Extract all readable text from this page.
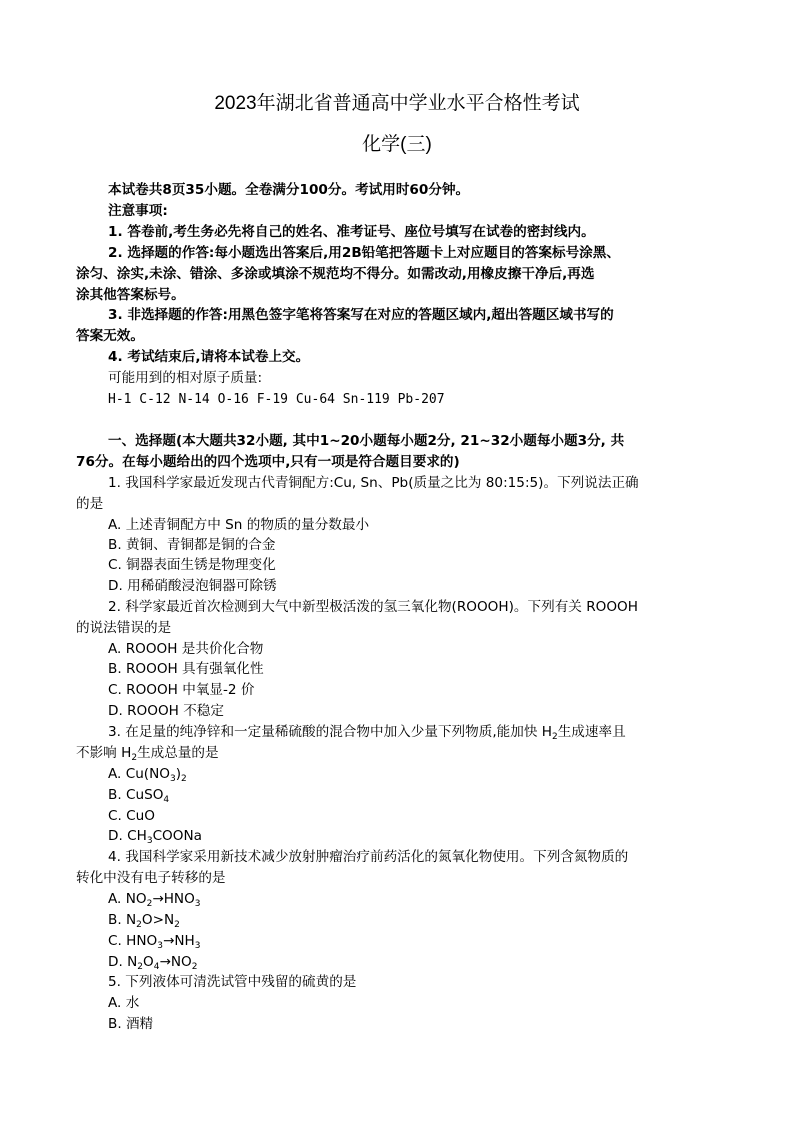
2023年湖北省普通高中学业水平合格性考试
化学(三)
本试卷共8页35小题。全卷满分100分。考试用时60分钟。
注意事项:
1. 答卷前,考生务必先将自己的姓名、准考证号、座位号填写在试卷的密封线内。
2. 选择题的作答:每小题选出答案后,用2B铅笔把答题卡上对应题目的答案标号涂黑、
涂匀、涂实,未涂、错涂、多涂或填涂不规范均不得分。如需改动,用橡皮擦干净后,再选
涂其他答案标号。
3. 非选择题的作答:用黑色签字笔将答案写在对应的答题区域内,超出答题区域书写的
答案无效。
4. 考试结束后,请将本试卷上交。
可能用到的相对原子质量:
H-1 C-12 N-14 O-16 F-19 Cu-64 Sn-119 Pb-207
一、选择题(本大题共32小题, 其中1~20小题每小题2分, 21~32小题每小题3分, 共
76分。在每小题给出的四个选项中,只有一项是符合题目要求的)
1. 我国科学家最近发现古代青铜配方:Cu, Sn、Pb(质量之比为 80:15:5)。下列说法正确
的是
A. 上述青铜配方中 Sn 的物质的量分数最小
B. 黄铜、青铜都是铜的合金
C. 铜器表面生锈是物理变化
D. 用稀硝酸浸泡铜器可除锈
2. 科学家最近首次检测到大气中新型极活泼的氢三氧化物(ROOOH)。下列有关 ROOOH
的说法错误的是
A. ROOOH 是共价化合物
B. ROOOH 具有强氧化性
C. ROOOH 中氧显-2 价
D. ROOOH 不稳定
3. 在足量的纯净锌和一定量稀硫酸的混合物中加入少量下列物质,能加快 $H_2$生成速率且
不影响 $H_2$生成总量的是
A. $Cu(NO_3)_2$
B. CuSO$_4$
C. CuO
D. $CH_3COONa$
4. 我国科学家采用新技术减少放射肿瘤治疗前药活化的氮氧化物使用。下列含氮物质的
转化中没有电子转移的是
A. $NO_2\to HNO_3$
B. $N_2O>N_2$
C. $HNO_3\to NH_3$
D. $N_2O_4\to NO_2$
5. 下列液体可清洗试管中残留的硫黄的是
A. 水
B. 酒精
